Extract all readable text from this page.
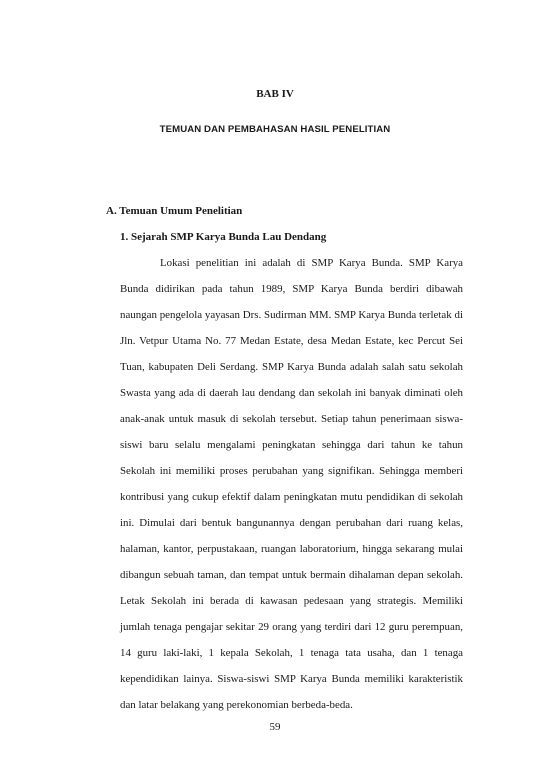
BAB IV
TEMUAN DAN PEMBAHASAN HASIL PENELITIAN
A. Temuan Umum Penelitian
1. Sejarah SMP Karya Bunda Lau Dendang

Lokasi penelitian ini adalah di SMP Karya Bunda. SMP Karya Bunda didirikan pada tahun 1989, SMP Karya Bunda berdiri dibawah naungan pengelola yayasan Drs. Sudirman MM. SMP Karya Bunda terletak di Jln. Vetpur Utama No. 77 Medan Estate, desa Medan Estate, kec Percut Sei Tuan, kabupaten Deli Serdang. SMP Karya Bunda adalah salah satu sekolah Swasta yang ada di daerah lau dendang dan sekolah ini banyak diminati oleh anak-anak untuk masuk di sekolah tersebut. Setiap tahun penerimaan siswa-siswi baru selalu mengalami peningkatan sehingga dari tahun ke tahun Sekolah ini memiliki proses perubahan yang signifikan. Sehingga memberi kontribusi yang cukup efektif dalam peningkatan mutu pendidikan di sekolah ini. Dimulai dari bentuk bangunannya dengan perubahan dari ruang kelas, halaman, kantor, perpustakaan, ruangan laboratorium, hingga sekarang mulai dibangun sebuah taman, dan tempat untuk bermain dihalaman depan sekolah. Letak Sekolah ini berada di kawasan pedesaan yang strategis. Memiliki jumlah tenaga pengajar sekitar 29 orang yang terdiri dari 12 guru perempuan, 14 guru laki-laki, 1 kepala Sekolah, 1 tenaga tata usaha, dan 1 tenaga kependidikan lainya. Siswa-siswi SMP Karya Bunda memiliki karakteristik dan latar belakang yang perekonomian berbeda-beda.

59
